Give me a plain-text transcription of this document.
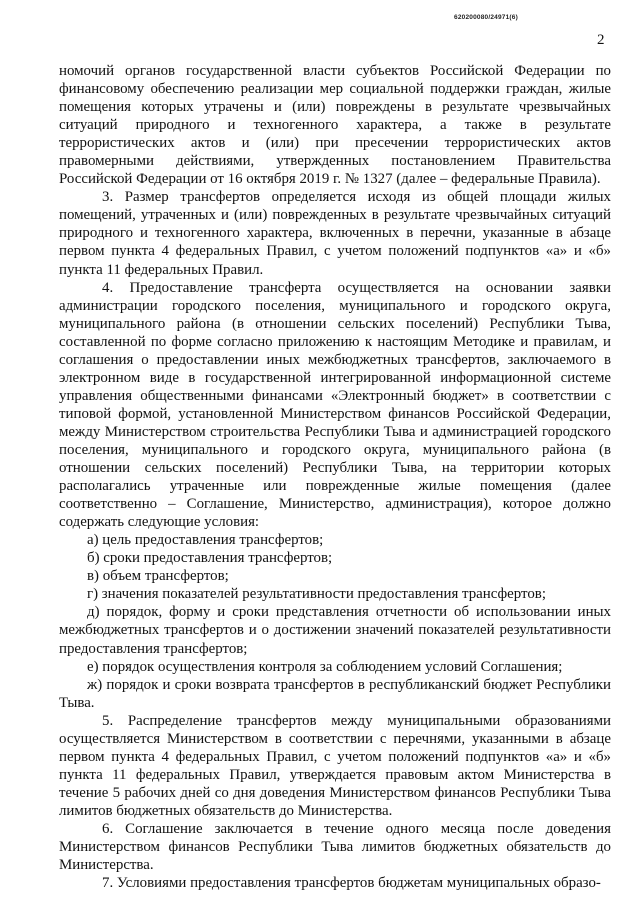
620200080/24971(6)
2

номочий органов государственной власти субъектов Российской Федерации по финансовому обеспечению реализации мер социальной поддержки граждан, жилые помещения которых утрачены и (или) повреждены в результате чрезвычайных ситуаций природного и техногенного характера, а также в результате террористических актов и (или) при пресечении террористических актов правомерными действиями, утвержденных постановлением Правительства Российской Федерации от 16 октября 2019 г. № 1327 (далее – федеральные Правила).

3. Размер трансфертов определяется исходя из общей площади жилых помещений, утраченных и (или) поврежденных в результате чрезвычайных ситуаций природного и техногенного характера, включенных в перечни, указанные в абзаце первом пункта 4 федеральных Правил, с учетом положений подпунктов «а» и «б» пункта 11 федеральных Правил.

4. Предоставление трансферта осуществляется на основании заявки администрации городского поселения, муниципального и городского округа, муниципального района (в отношении сельских поселений) Республики Тыва, составленной по форме согласно приложению к настоящим Методике и правилам, и соглашения о предоставлении иных межбюджетных трансфертов, заключаемого в электронном виде в государственной интегрированной информационной системе управления общественными финансами «Электронный бюджет» в соответствии с типовой формой, установленной Министерством финансов Российской Федерации, между Министерством строительства Республики Тыва и администрацией городского поселения, муниципального и городского округа, муниципального района (в отношении сельских поселений) Республики Тыва, на территории которых располагались утраченные или поврежденные жилые помещения (далее соответственно – Соглашение, Министерство, администрация), которое должно содержать следующие условия:

а) цель предоставления трансфертов;

б) сроки предоставления трансфертов;

в) объем трансфертов;

г) значения показателей результативности предоставления трансфертов;

д) порядок, форму и сроки представления отчетности об использовании иных межбюджетных трансфертов и о достижении значений показателей результативности предоставления трансфертов;

е) порядок осуществления контроля за соблюдением условий Соглашения;

ж) порядок и сроки возврата трансфертов в республиканский бюджет Республики Тыва.

5. Распределение трансфертов между муниципальными образованиями осуществляется Министерством в соответствии с перечнями, указанными в абзаце первом пункта 4 федеральных Правил, с учетом положений подпунктов «а» и «б» пункта 11 федеральных Правил, утверждается правовым актом Министерства в течение 5 рабочих дней со дня доведения Министерством финансов Республики Тыва лимитов бюджетных обязательств до Министерства.

6. Соглашение заключается в течение одного месяца после доведения Министерством финансов Республики Тыва лимитов бюджетных обязательств до Министерства.

7. Условиями предоставления трансфертов бюджетам муниципальных образо-
